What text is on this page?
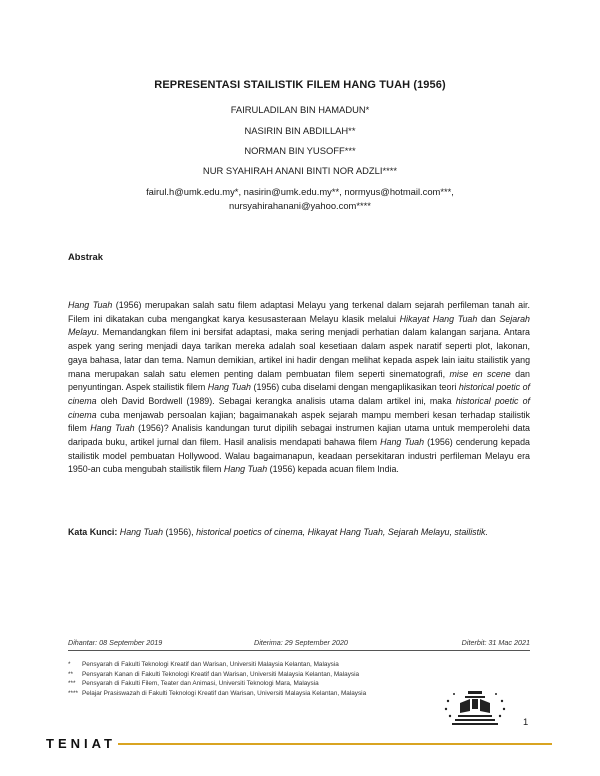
REPRESENTASI STAILISTIK FILEM HANG TUAH (1956)
FAIRULADILAN BIN HAMADUN*
NASIRIN BIN ABDILLAH**
NORMAN BIN YUSOFF***
NUR SYAHIRAH ANANI BINTI NOR ADZLI****
fairul.h@umk.edu.my*, nasirin@umk.edu.my**, normyus@hotmail.com***,
nursyahirahanani@yahoo.com****
Abstrak
Hang Tuah (1956) merupakan salah satu filem adaptasi Melayu yang terkenal dalam sejarah perfileman tanah air. Filem ini dikatakan cuba mengangkat karya kesusasteraan Melayu klasik melalui Hikayat Hang Tuah dan Sejarah Melayu. Memandangkan filem ini bersifat adaptasi, maka sering menjadi perhatian dalam kalangan sarjana. Antara aspek yang sering menjadi daya tarikan mereka adalah soal kesetiaan dalam aspek naratif seperti plot, lakonan, gaya bahasa, latar dan tema. Namun demikian, artikel ini hadir dengan melihat kepada aspek lain iaitu stailistik yang mana merupakan salah satu elemen penting dalam pembuatan filem seperti sinematografi, mise en scene dan penyuntingan. Aspek stailistik filem Hang Tuah (1956) cuba diselami dengan mengaplikasikan teori historical poetic of cinema oleh David Bordwell (1989). Sebagai kerangka analisis utama dalam artikel ini, maka historical poetic of cinema cuba menjawab persoalan kajian; bagaimanakah aspek sejarah mampu memberi kesan terhadap stailistik filem Hang Tuah (1956)? Analisis kandungan turut dipilih sebagai instrumen kajian utama untuk memperolehi data daripada buku, artikel jurnal dan filem. Hasil analisis mendapati bahawa filem Hang Tuah (1956) cenderung kepada stailistik model pembuatan Hollywood. Walau bagaimanapun, keadaan persekitaran industri perfileman Melayu era 1950-an cuba mengubah stailistik filem Hang Tuah (1956) kepada acuan filem India.
Kata Kunci: Hang Tuah (1956), historical poetics of cinema, Hikayat Hang Tuah, Sejarah Melayu, stailistik.
Dihantar: 08 September 2019	Diterima: 29 September 2020	Diterbit: 31 Mac 2021
*	Pensyarah di Fakulti Teknologi Kreatif dan Warisan, Universiti Malaysia Kelantan, Malaysia
**	Pensyarah Kanan di Fakulti Teknologi Kreatif dan Warisan, Universiti Malaysia Kelantan, Malaysia
***	Pensyarah di Fakulti Filem, Teater dan Animasi, Universiti Teknologi Mara, Malaysia
**** Pelajar Prasiswazah di Fakulti Teknologi Kreatif dan Warisan, Universiti Malaysia Kelantan, Malaysia
1
TENIAT
